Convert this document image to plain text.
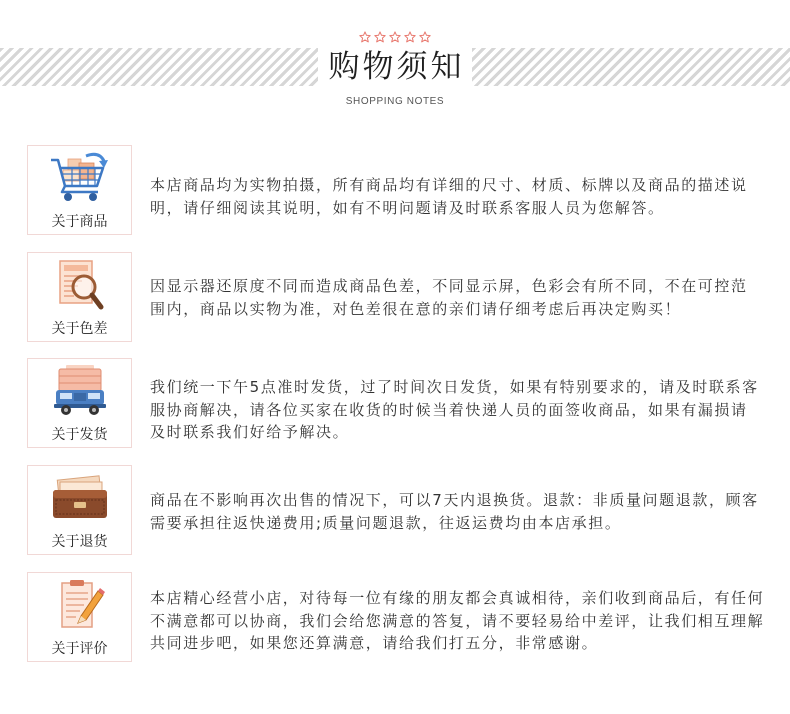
购物须知
SHOPPING NOTES
关于商品
本店商品均为实物拍摄，所有商品均有详细的尺寸、材质、标牌以及商品的描述说
明，请仔细阅读其说明，如有不明问题请及时联系客服人员为您解答。
关于色差
因显示器还原度不同而造成商品色差，不同显示屏，色彩会有所不同，不在可控范
围内，商品以实物为准，对色差很在意的亲们请仔细考虑后再决定购买！
关于发货
我们统一下午5点准时发货，过了时间次日发货，如果有特别要求的，请及时联系客
服协商解决，请各位买家在收货的时候当着快递人员的面签收商品，如果有漏损请
及时联系我们好给予解决。
关于退货
商品在不影响再次出售的情况下，可以7天内退换货。退款：非质量问题退款，顾客
需要承担往返快递费用;质量问题退款，往返运费均由本店承担。
关于评价
本店精心经营小店，对待每一位有缘的朋友都会真诚相待，亲们收到商品后，有任何
不满意都可以协商，我们会给您满意的答复，请不要轻易给中差评，让我们相互理解
共同进步吧，如果您还算满意，请给我们打五分，非常感谢。
